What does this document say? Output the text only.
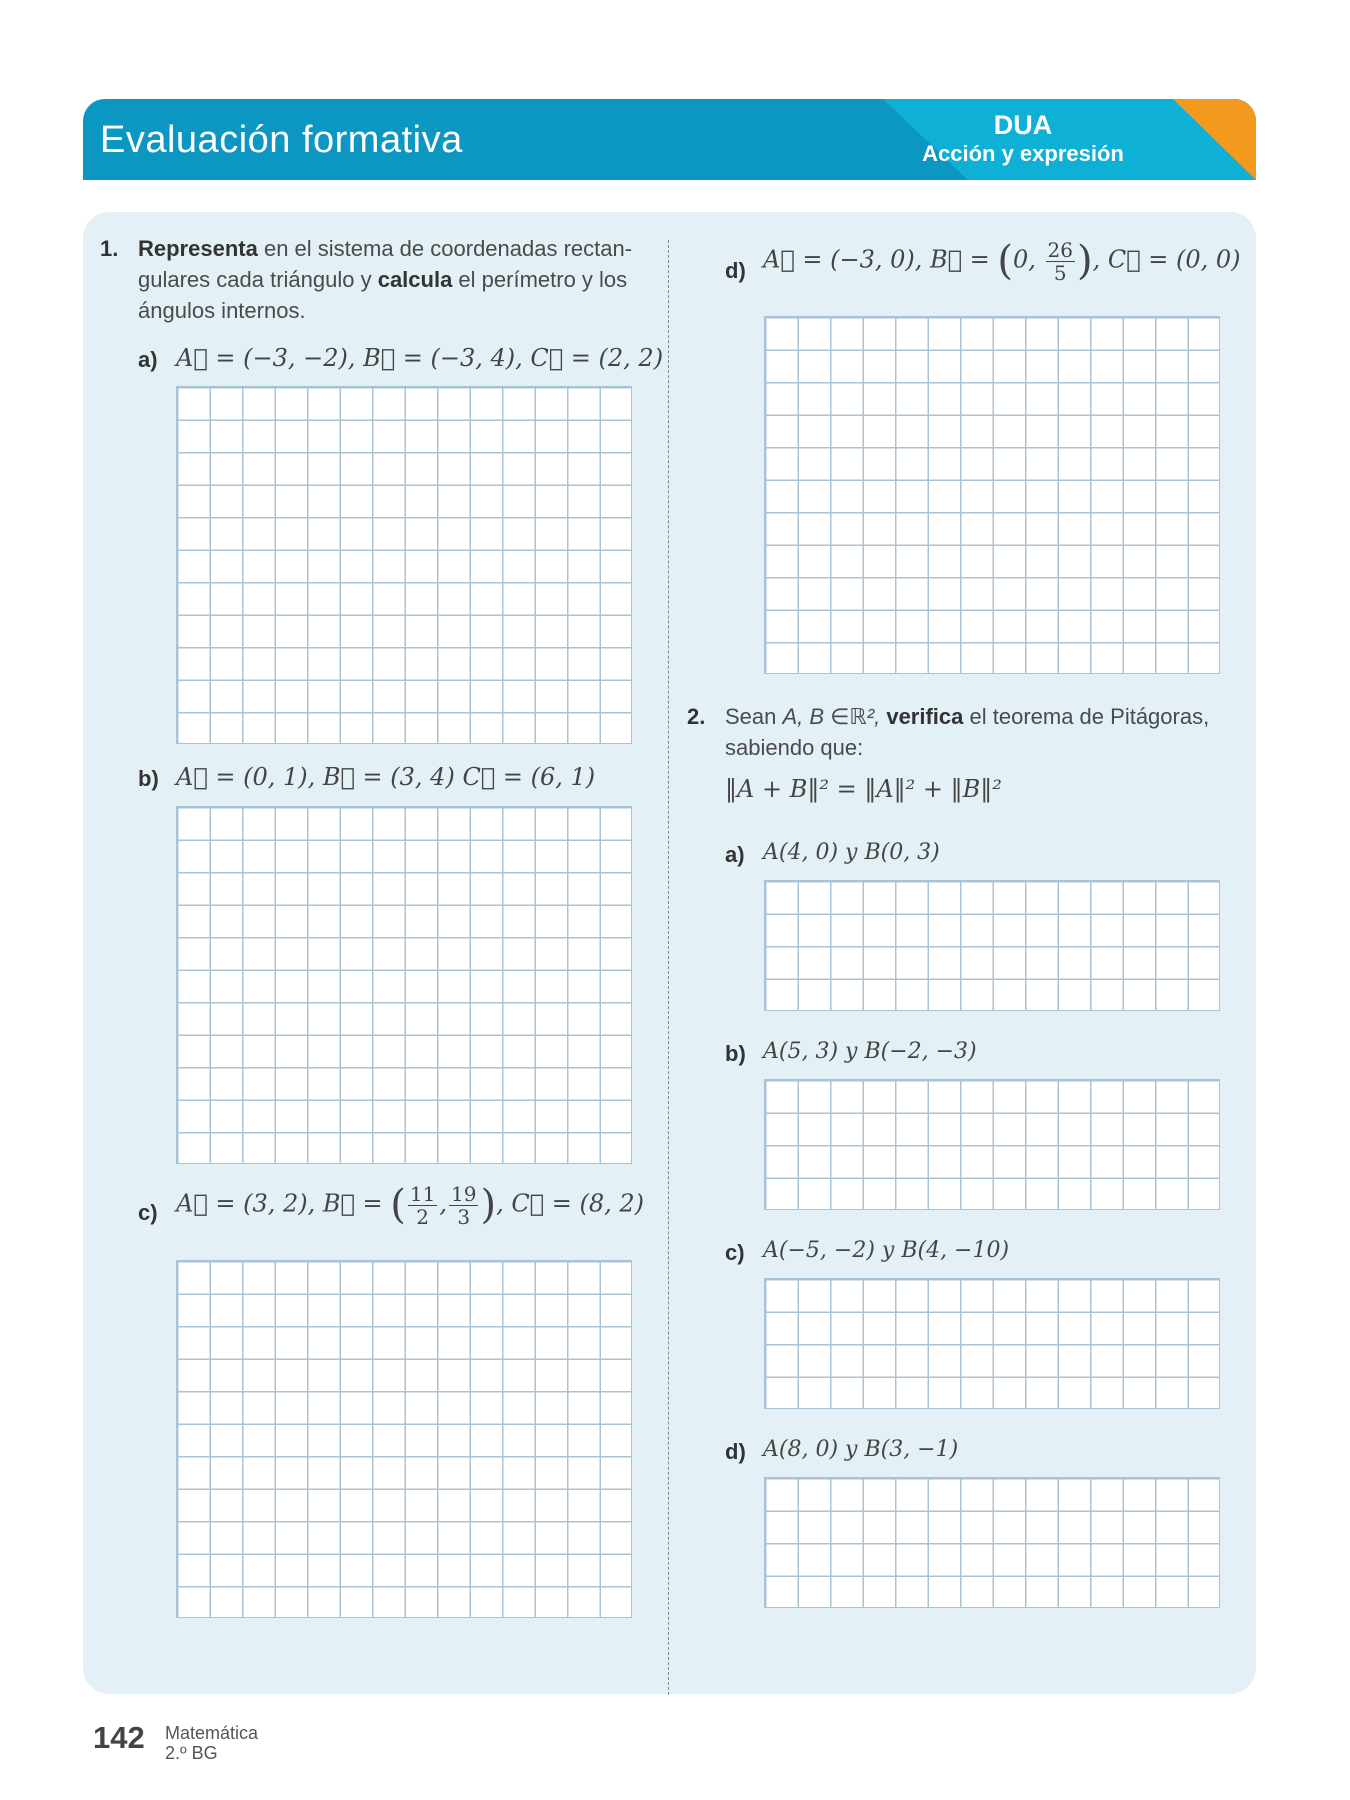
Evaluación formativa	DUA
Acción y expresión
1. Representa en el sistema de coordenadas rectan-
gulares cada triángulo y calcula el perímetro y los
ángulos internos.
a) A⃗ = (−3, −2), B⃗ = (−3, 4), C⃗ = (2, 2)
b) A⃗ = (0, 1), B⃗ = (3, 4) C⃗ = (6, 1)
c) A⃗ = (3, 2), B⃗ = ( $\frac{11}{2}$ , $\frac{19}{3}$ ), C⃗ = (8, 2)
d) A⃗ = (−3, 0), B⃗ = (0, $\frac{26}{5}$ ), C⃗ = (0, 0)
2. Sean A, B ∈ℝ², verifica el teorema de Pitágoras,
sabiendo que:
‖A + B‖² = ‖A‖² + ‖B‖²
a) A(4, 0) y B(0, 3)
b) A(5, 3) y B(−2, −3)
c) A(−5, −2) y B(4, −10)
d) A(8, 0) y B(3, −1)
142 Matemática
2.º BG
